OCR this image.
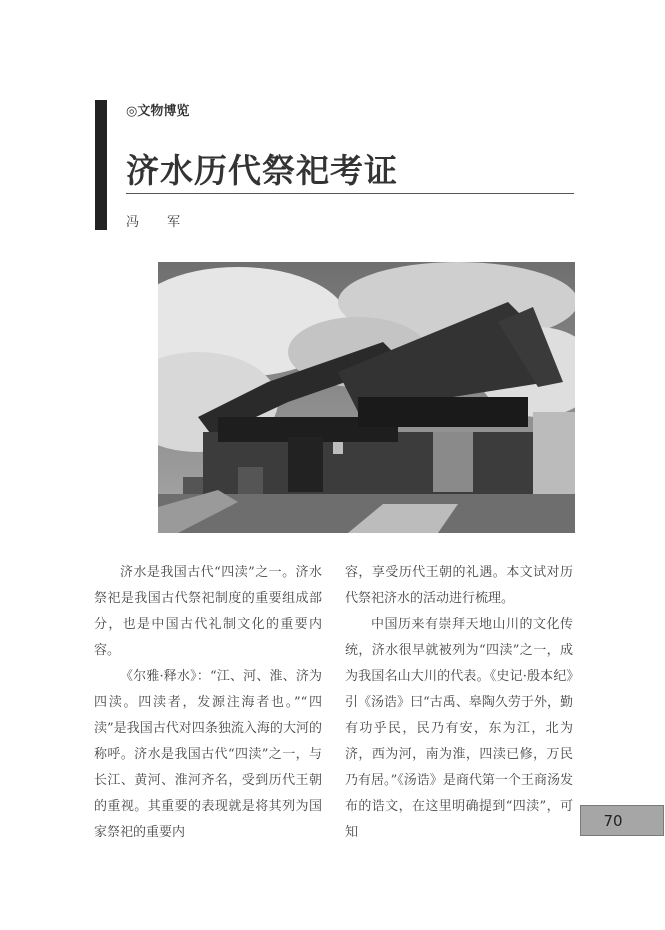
◎文物博览
济水历代祭祀考证
冯 军

济水是我国古代“四渎”之一。济水祭祀是我国古代祭祀制度的重要组成部分，也是中国古代礼制文化的重要内容。

《尔雅·释水》：“江、河、淮、济为四渎。四渎者，发源注海者也。”“四渎”是我国古代对四条独流入海的大河的称呼。济水是我国古代“四渎”之一，与长江、黄河、淮河齐名，受到历代王朝的重视。其重要的表现就是将其列为国家祭祀的重要内

容，享受历代王朝的礼遇。本文试对历代祭祀济水的活动进行梳理。

中国历来有崇拜天地山川的文化传统，济水很早就被列为“四渎”之一，成为我国名山大川的代表。《史记·殷本纪》引《汤诰》曰“古禹、皋陶久劳于外，勤有功乎民，民乃有安，东为江，北为济，西为河，南为淮，四渎已修，万民乃有居。”《汤诰》是商代第一个王商汤发布的诰文，在这里明确提到“四渎”，可知

70
